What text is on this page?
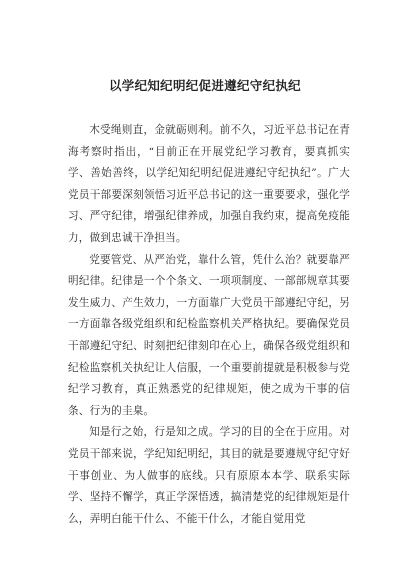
以学纪知纪明纪促进遵纪守纪执纪

木受绳则直，金就砺则利。前不久，习近平总书记在青海考察时指出，“目前正在开展党纪学习教育，要真抓实学、善始善终，以学纪知纪明纪促进遵纪守纪执纪”。广大党员干部要深刻领悟习近平总书记的这一重要要求，强化学习、严守纪律，增强纪律养成，加强自我约束，提高免疫能力，做到忠诚干净担当。

党要管党、从严治党，靠什么管，凭什么治？就要靠严明纪律。纪律是一个个条文、一项项制度、一部部规章其要发生威力、产生效力，一方面靠广大党员干部遵纪守纪，另一方面靠各级党组织和纪检监察机关严格执纪。要确保党员干部遵纪守纪、时刻把纪律刻印在心上，确保各级党组织和纪检监察机关执纪让人信服，一个重要前提就是积极参与党纪学习教育，真正熟悉党的纪律规矩，使之成为干事的信条、行为的圭臬。

知是行之始，行是知之成。学习的目的全在于应用。对党员干部来说，学纪知纪明纪，其目的就是要遵规守纪守好干事创业、为人做事的底线。只有原原本本学、联系实际学、坚持不懈学，真正学深悟透，搞清楚党的纪律规矩是什么，弄明白能干什么、不能干什么，才能自觉用党
